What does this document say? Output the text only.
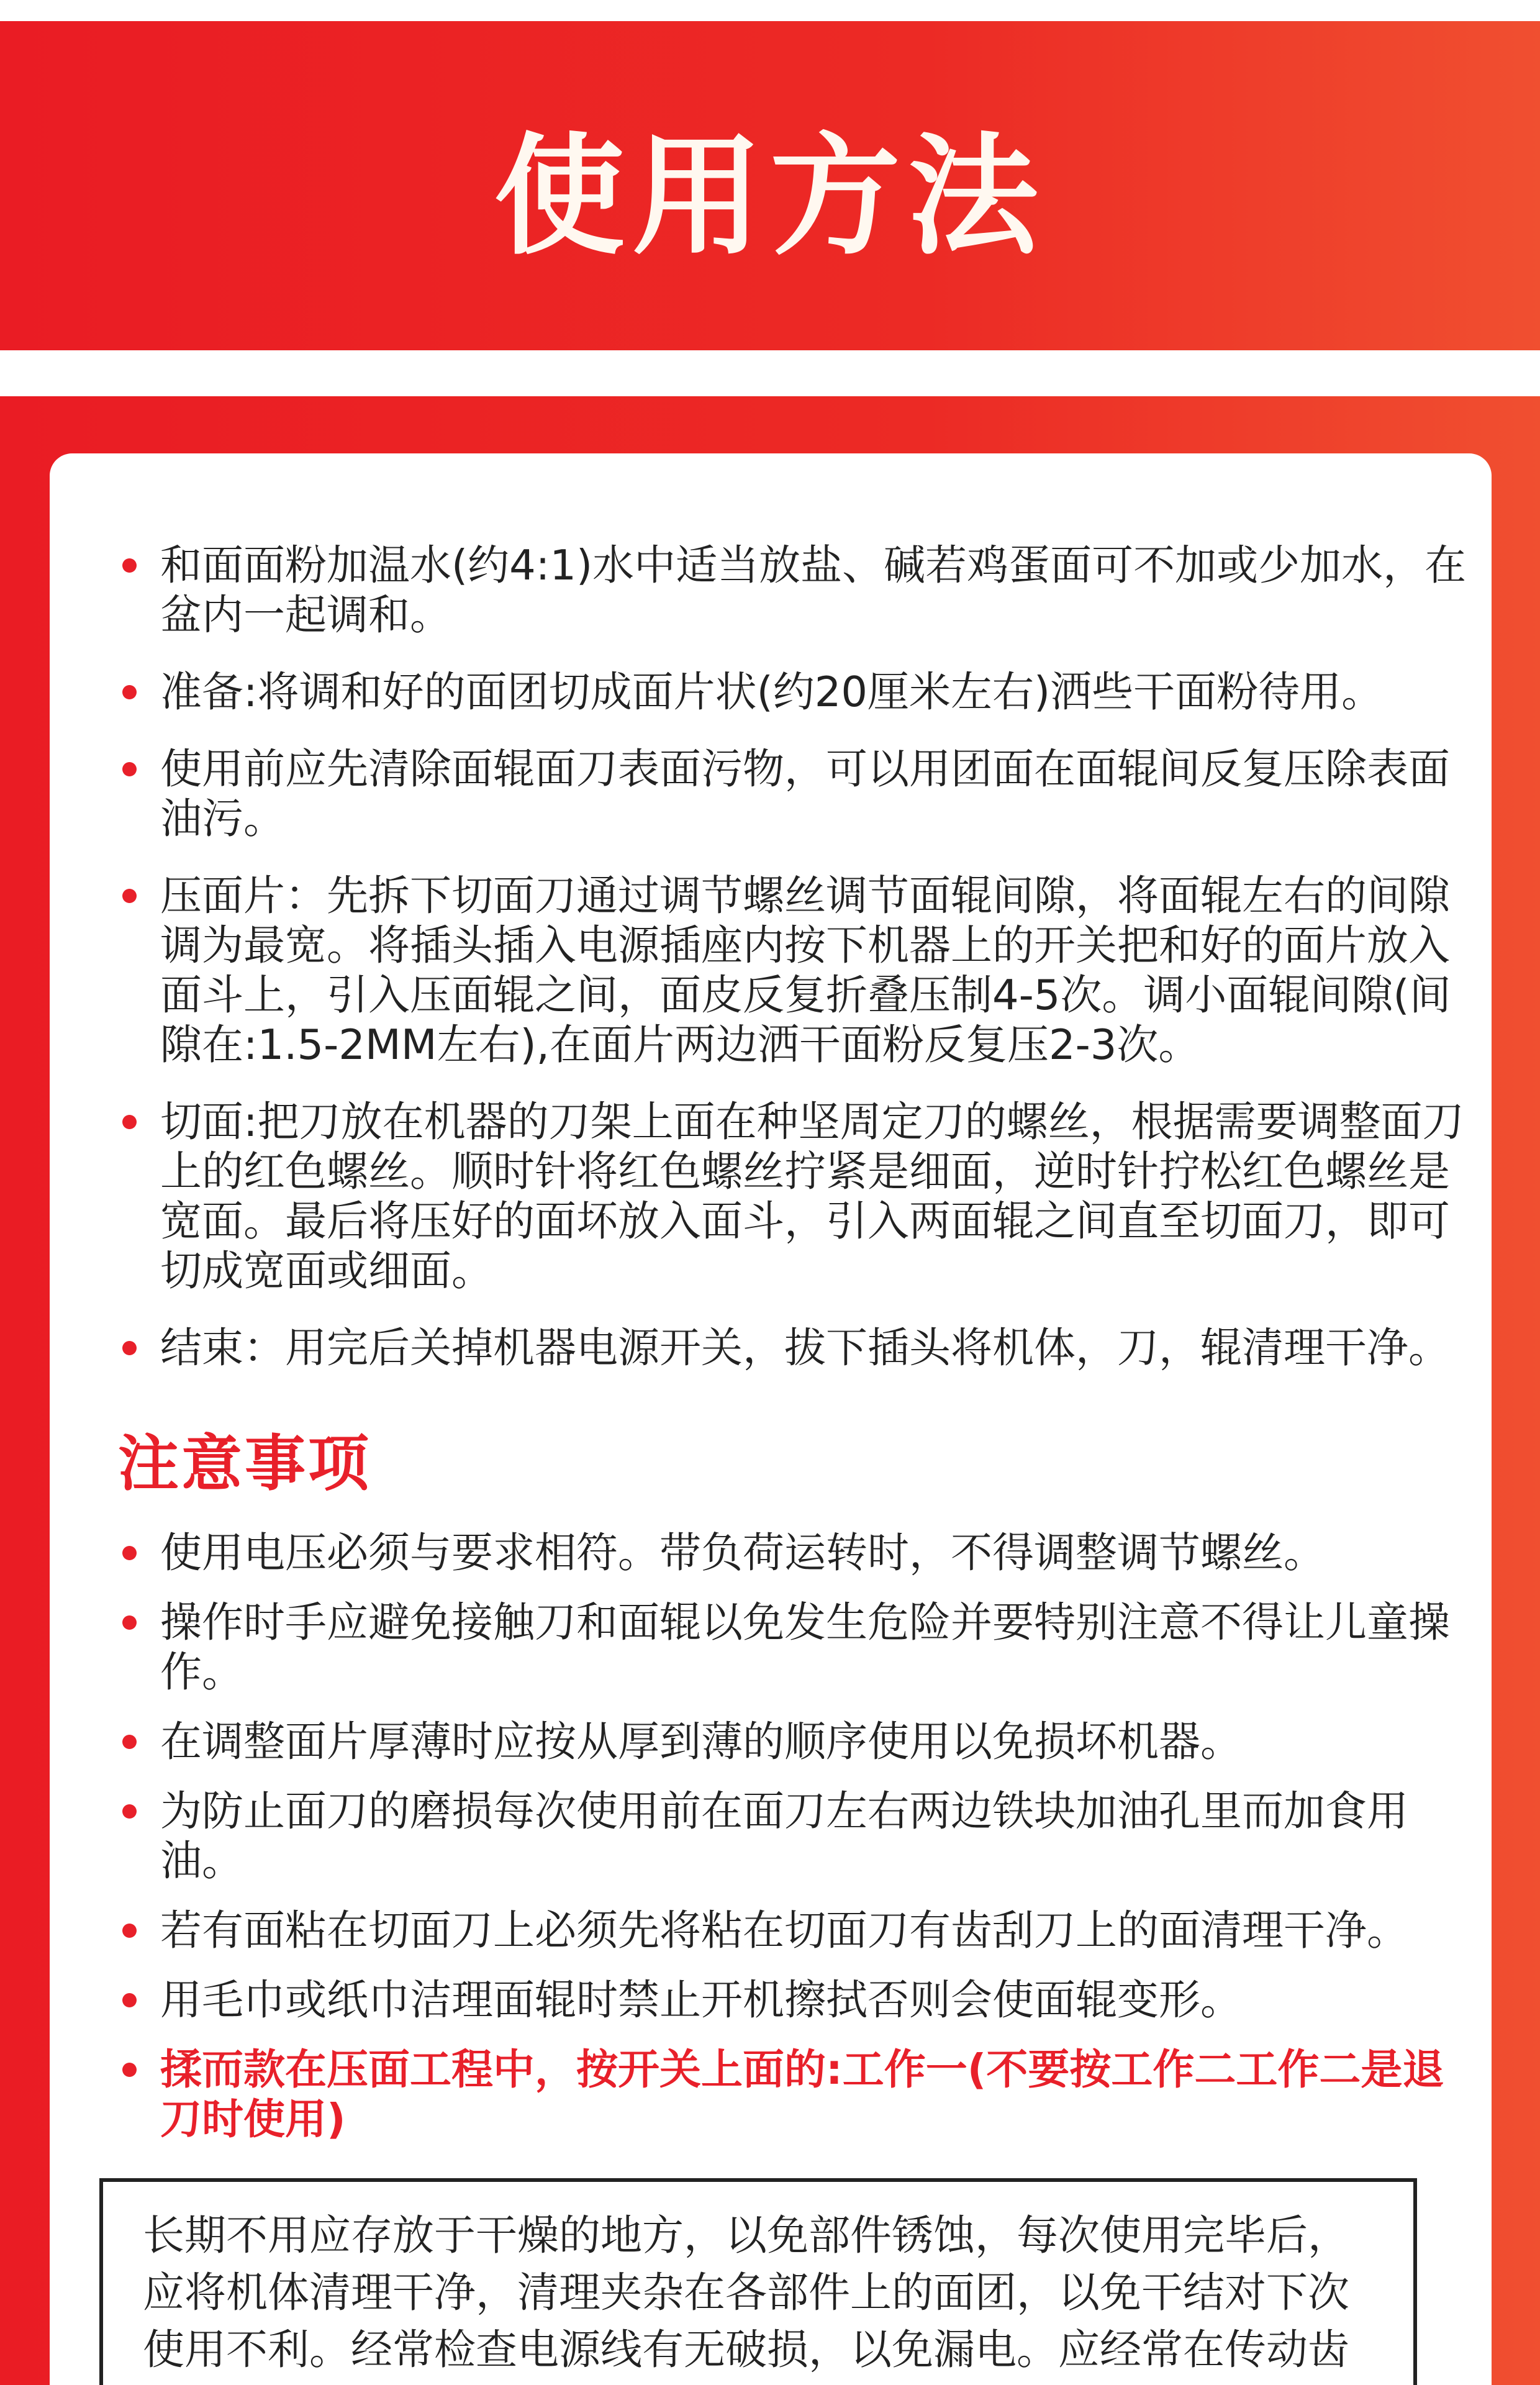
使用方法
和面面粉加温水(约4:1)水中适当放盐、碱若鸡蛋面可不加或少加水，在盆内一起调和。
准备:将调和好的面团切成面片状(约20厘米左右)洒些干面粉待用。
使用前应先清除面辊面刀表面污物，可以用团面在面辊间反复压除表面油污。
压面片：先拆下切面刀通过调节螺丝调节面辊间隙，将面辊左右的间隙调为最宽。将插头插入电源插座内按下机器上的开关把和好的面片放入面斗上，引入压面辊之间，面皮反复折叠压制4-5次。调小面辊间隙(间隙在:1.5-2MM左右),在面片两边洒干面粉反复压2-3次。
切面:把刀放在机器的刀架上面在种坚周定刀的螺丝，根据需要调整面刀上的红色螺丝。顺时针将红色螺丝拧紧是细面，逆时针拧松红色螺丝是宽面。最后将压好的面坏放入面斗，引入两面辊之间直至切面刀，即可切成宽面或细面。
结束：用完后关掉机器电源开关，拔下插头将机体，刀，辊清理干净。
注意事项
使用电压必须与要求相符。带负荷运转时，不得调整调节螺丝。
操作时手应避免接触刀和面辊以免发生危险并要特别注意不得让儿童操作。
在调整面片厚薄时应按从厚到薄的顺序使用以免损坏机器。
为防止面刀的磨损每次使用前在面刀左右两边铁块加油孔里而加食用油。
若有面粘在切面刀上必须先将粘在切面刀有齿刮刀上的面清理干净。
用毛巾或纸巾洁理面辊时禁止开机擦拭否则会使面辊变形。
揉而款在压面工程中，按开关上面的:工作一(不要按工作二工作二是退刀时使用)
长期不用应存放于干燥的地方，以免部件锈蚀，每次使用完毕后，应将机体清理干净，清理夹杂在各部件上的面团，以免干结对下次使用不利。经常检查电源线有无破损，以免漏电。应经常在传动齿
